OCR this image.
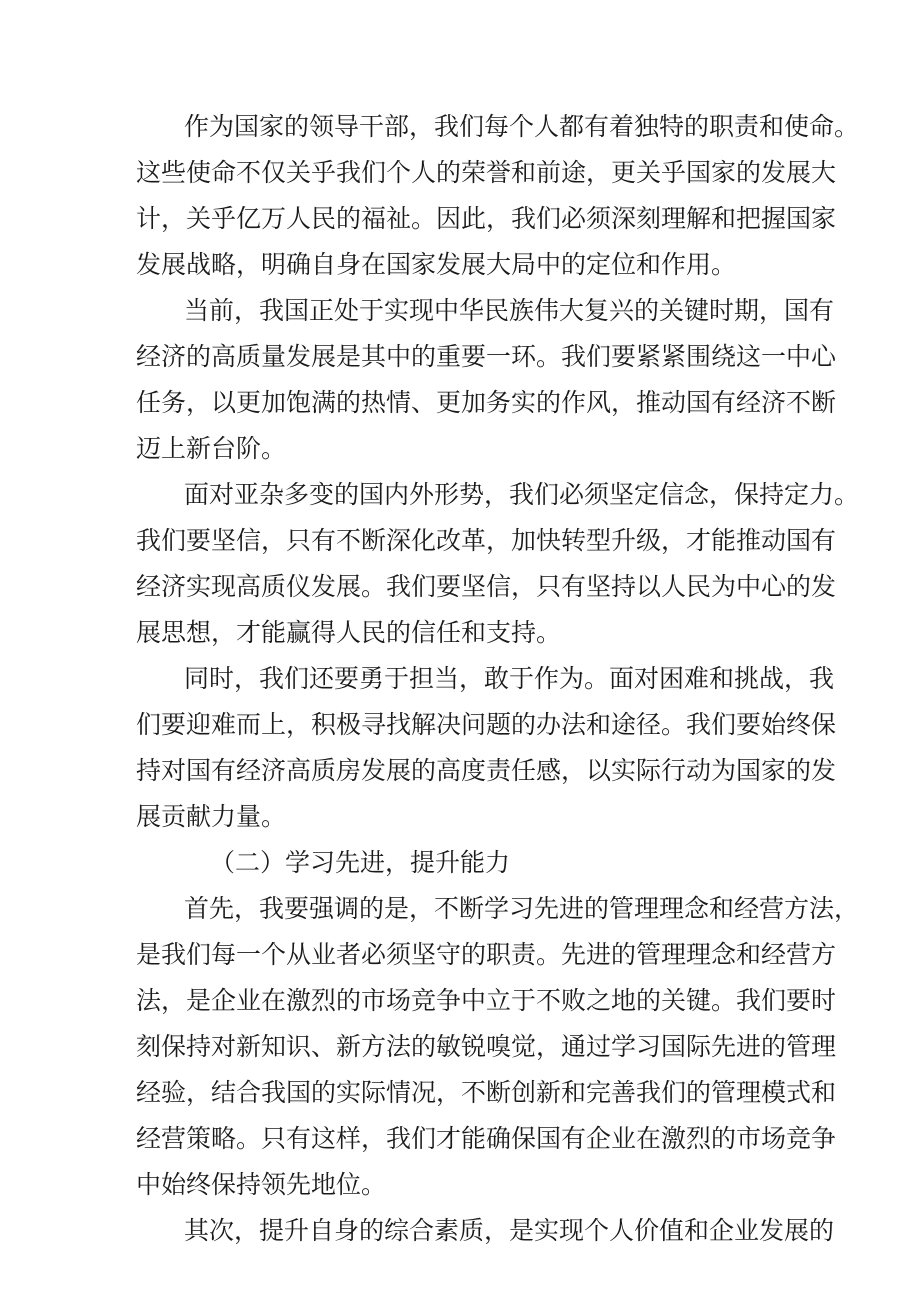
作为国家的领导干部，我们每个人都有着独特的职责和使命。
这些使命不仅关乎我们个人的荣誉和前途，更关乎国家的发展大
计，关乎亿万人民的福祉。因此，我们必须深刻理解和把握国家
发展战略，明确自身在国家发展大局中的定位和作用。
当前，我国正处于实现中华民族伟大复兴的关键时期，国有
经济的高质量发展是其中的重要一环。我们要紧紧围绕这一中心
任务，以更加饱满的热情、更加务实的作风，推动国有经济不断
迈上新台阶。
面对亚杂多变的国内外形势，我们必须坚定信念，保持定力。
我们要坚信，只有不断深化改革，加快转型升级，才能推动国有
经济实现高质仪发展。我们要坚信，只有坚持以人民为中心的发
展思想，才能赢得人民的信任和支持。
同时，我们还要勇于担当，敢于作为。面对困难和挑战，我
们要迎难而上，积极寻找解决问题的办法和途径。我们要始终保
持对国有经济高质房发展的高度责任感，以实际行动为国家的发
展贡献力量。
（二）学习先进，提升能力
首先，我要强调的是，不断学习先进的管理理念和经营方法，
是我们每一个从业者必须坚守的职责。先进的管理理念和经营方
法，是企业在激烈的市场竞争中立于不败之地的关键。我们要时
刻保持对新知识、新方法的敏锐嗅觉，通过学习国际先进的管理
经验，结合我国的实际情况，不断创新和完善我们的管理模式和
经营策略。只有这样，我们才能确保国有企业在激烈的市场竞争
中始终保持领先地位。
其次，提升自身的综合素质，是实现个人价值和企业发展的
